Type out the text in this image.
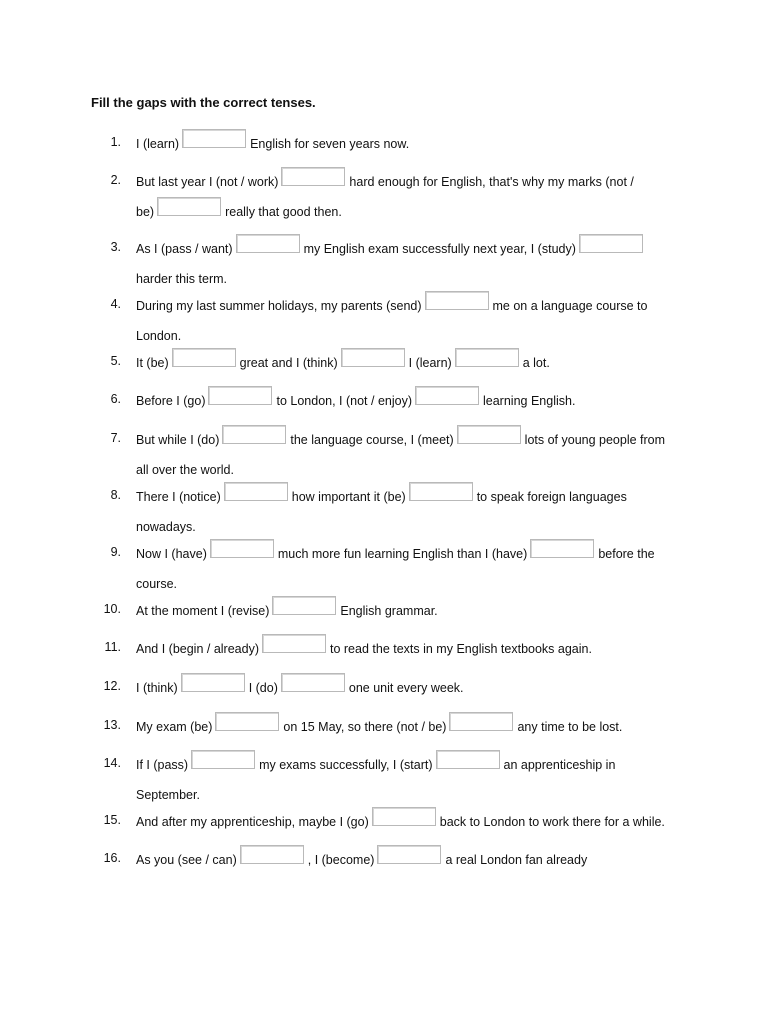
Fill the gaps with the correct tenses.
1. I (learn)	English for seven years now.
2. But last year I (not / work)	hard enough for English, that's why my marks (not /
be)	really that good then.
3. As I (pass / want)	my English exam successfully next year, I (study)
harder this term.
4. During my last summer holidays, my parents (send)	me on a language course to
London.
5. It (be)	great and I (think)	I (learn)	a lot.
6. Before I (go)	to London, I (not / enjoy)	learning English.
7. But while I (do)	the language course, I (meet)	lots of young people from
all over the world.
8. There I (notice)	how important it (be)	to speak foreign languages
nowadays.
9. Now I (have)	much more fun learning English than I (have)	before the
course.
10. At the moment I (revise)	English grammar.
11. And I (begin / already)	to read the texts in my English textbooks again.
12. I (think)	I (do)	one unit every week.
13. My exam (be)	on 15 May, so there (not / be)	any time to be lost.
14. If I (pass)	my exams successfully, I (start)	an apprenticeship in
September.
15. And after my apprenticeship, maybe I (go)	back to London to work there for a while.
16. As you (see / can)	, I (become)	a real London fan already
